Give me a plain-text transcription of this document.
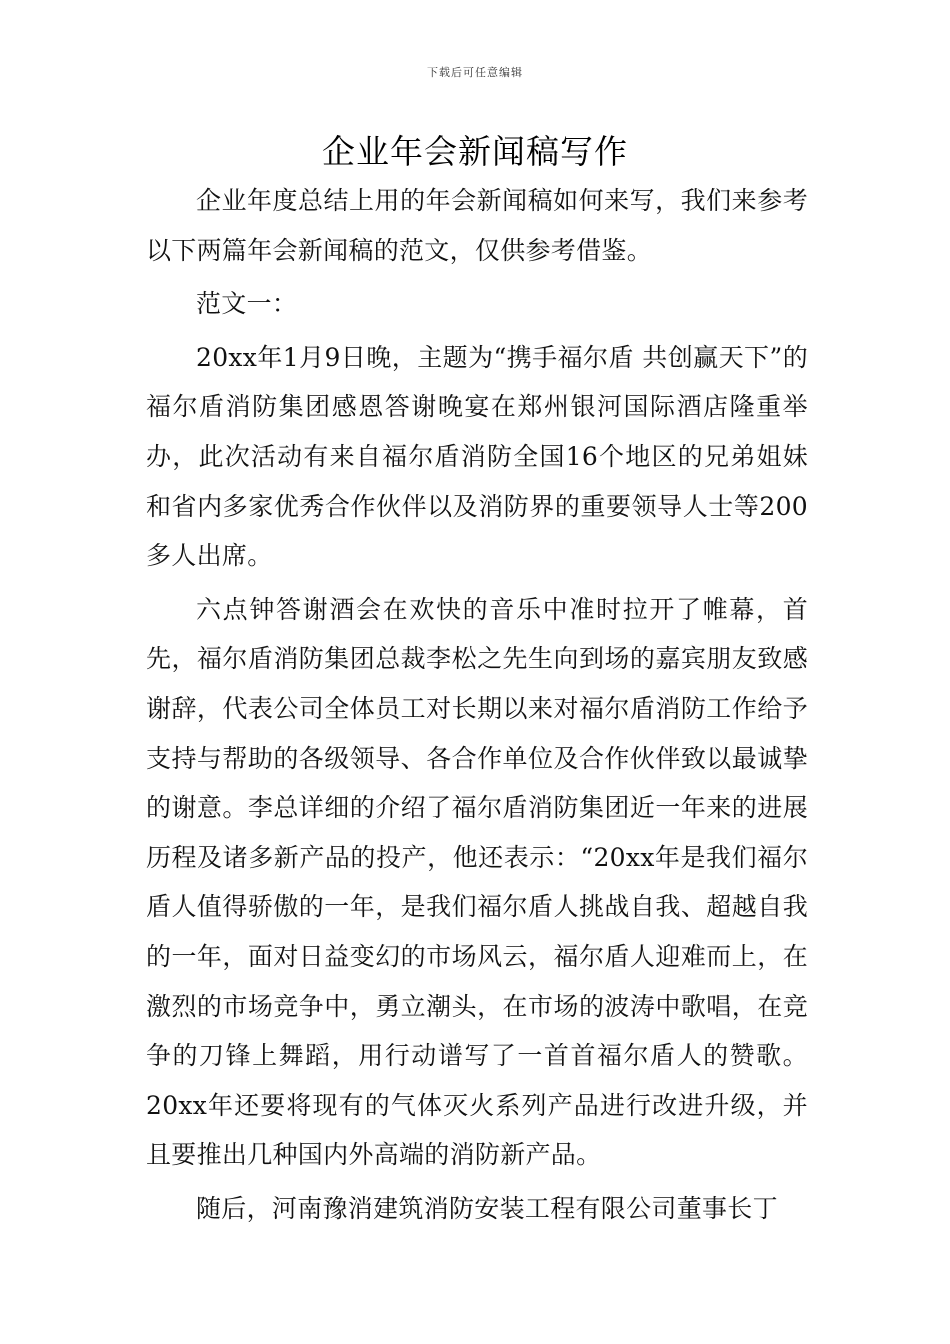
下载后可任意编辑
企业年会新闻稿写作

企业年度总结上用的年会新闻稿如何来写，我们来参考以下两篇年会新闻稿的范文，仅供参考借鉴。

范文一：

20xx年1月9日晚，主题为“携手福尔盾 共创赢天下”的福尔盾消防集团感恩答谢晚宴在郑州银河国际酒店隆重举办，此次活动有来自福尔盾消防全国16个地区的兄弟姐妹和省内多家优秀合作伙伴以及消防界的重要领导人士等200多人出席。

六点钟答谢酒会在欢快的音乐中准时拉开了帷幕，首先，福尔盾消防集团总裁李松之先生向到场的嘉宾朋友致感谢辞，代表公司全体员工对长期以来对福尔盾消防工作给予支持与帮助的各级领导、各合作单位及合作伙伴致以最诚挚的谢意。李总详细的介绍了福尔盾消防集团近一年来的进展历程及诸多新产品的投产，他还表示：“20xx年是我们福尔盾人值得骄傲的一年，是我们福尔盾人挑战自我、超越自我的一年，面对日益变幻的市场风云，福尔盾人迎难而上，在激烈的市场竞争中，勇立潮头，在市场的波涛中歌唱，在竞争的刀锋上舞蹈，用行动谱写了一首首福尔盾人的赞歌。20xx年还要将现有的气体灭火系列产品进行改进升级，并且要推出几种国内外高端的消防新产品。

随后，河南豫消建筑消防安装工程有限公司董事长丁
